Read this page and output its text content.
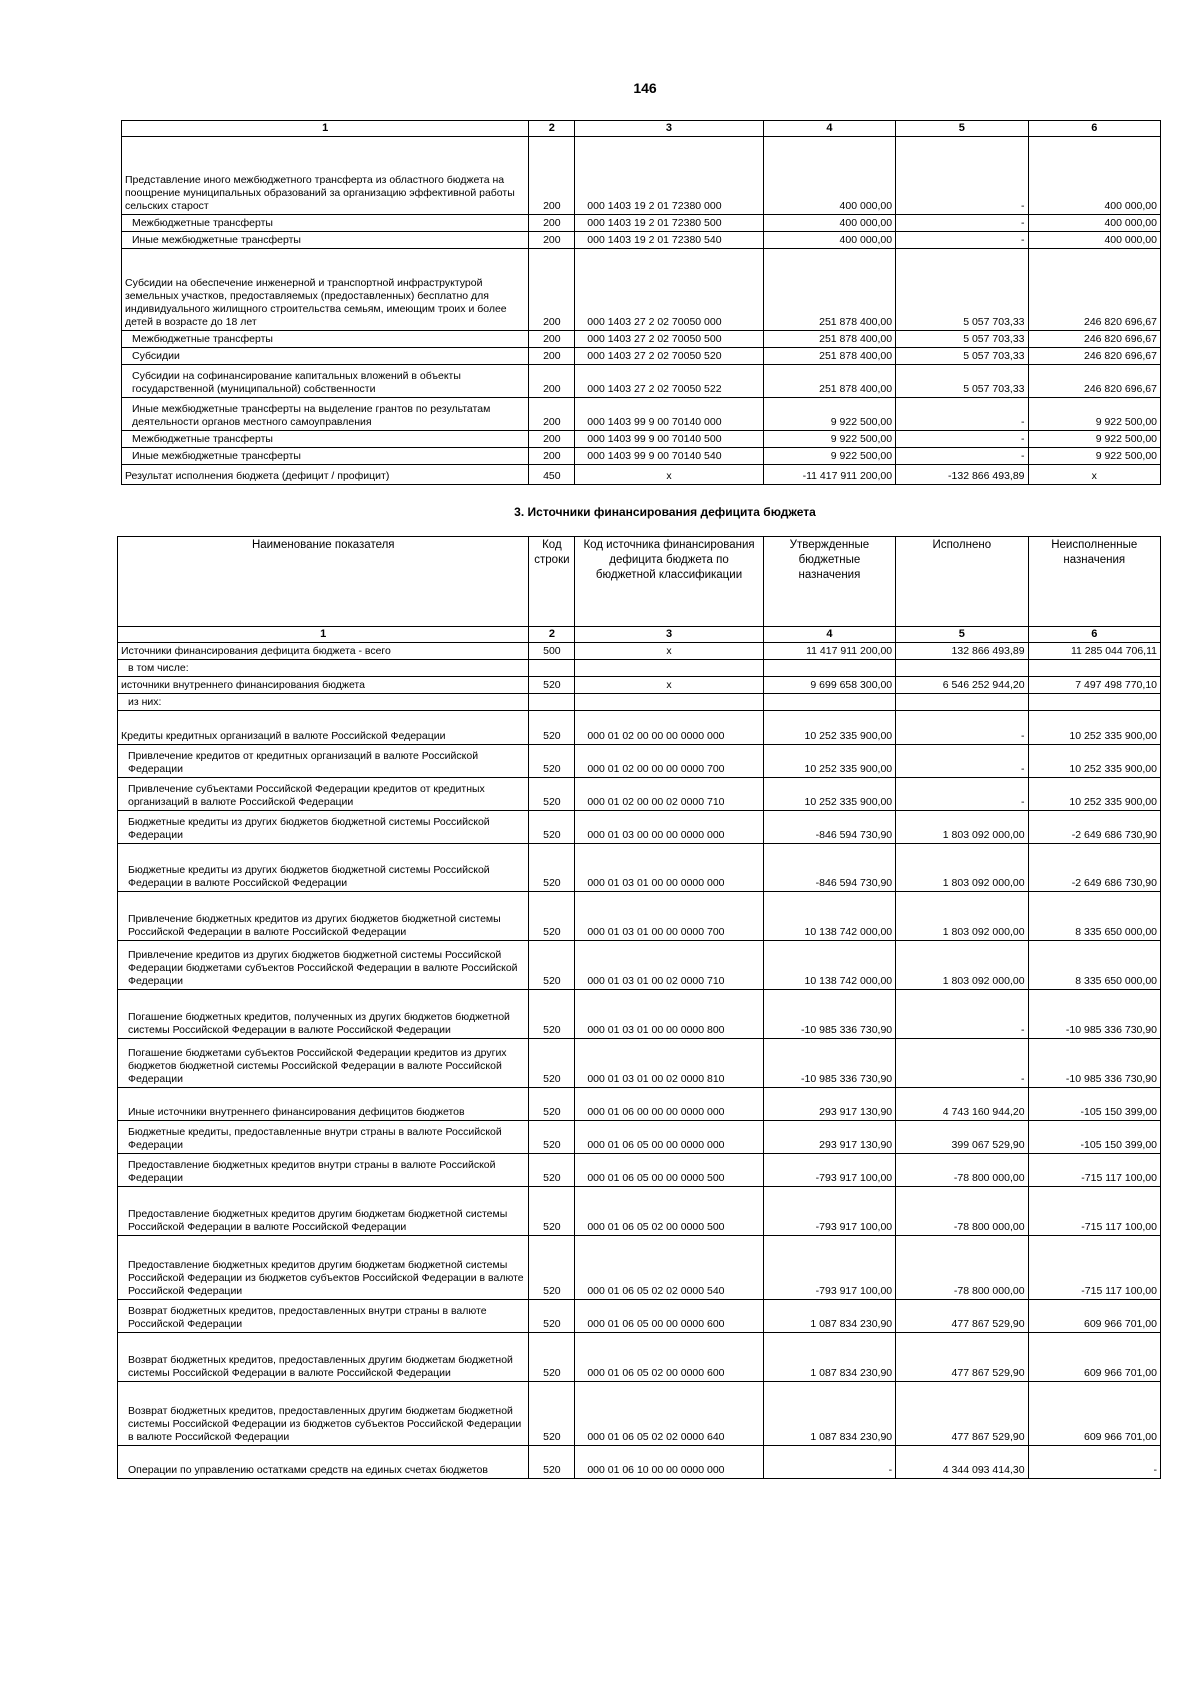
146
1	2	3	4	5	6
Представление иного межбюджетного трансферта из областного бюджета на поощрение муниципальных образований за организацию эффективной работы сельских старост	200	000 1403 19 2 01 72380 000	400 000,00	-	400 000,00
Межбюджетные трансферты	200	000 1403 19 2 01 72380 500	400 000,00	-	400 000,00
Иные межбюджетные трансферты	200	000 1403 19 2 01 72380 540	400 000,00	-	400 000,00
Субсидии на обеспечение инженерной и транспортной инфраструктурой земельных участков, предоставляемых (предоставленных) бесплатно для индивидуального жилищного строительства семьям, имеющим троих и более детей в возрасте до 18 лет	200	000 1403 27 2 02 70050 000	251 878 400,00	5 057 703,33	246 820 696,67
Межбюджетные трансферты	200	000 1403 27 2 02 70050 500	251 878 400,00	5 057 703,33	246 820 696,67
Субсидии	200	000 1403 27 2 02 70050 520	251 878 400,00	5 057 703,33	246 820 696,67
Субсидии на софинансирование капитальных вложений в объекты государственной (муниципальной) собственности	200	000 1403 27 2 02 70050 522	251 878 400,00	5 057 703,33	246 820 696,67
Иные межбюджетные трансферты на выделение грантов по результатам деятельности органов местного самоуправления	200	000 1403 99 9 00 70140 000	9 922 500,00	-	9 922 500,00
Межбюджетные трансферты	200	000 1403 99 9 00 70140 500	9 922 500,00	-	9 922 500,00
Иные межбюджетные трансферты	200	000 1403 99 9 00 70140 540	9 922 500,00	-	9 922 500,00
Результат исполнения бюджета (дефицит / профицит)	450	x	-11 417 911 200,00	-132 866 493,89	x
3. Источники финансирования дефицита бюджета
Наименование показателя	Код строки	Код источника финансирования дефицита бюджета по бюджетной классификации	Утвержденные бюджетные назначения	Исполнено	Неисполненные назначения
1	2	3	4	5	6
Источники финансирования дефицита бюджета - всего	500	x	11 417 911 200,00	132 866 493,89	11 285 044 706,11
в том числе:					
источники внутреннего финансирования бюджета	520	x	9 699 658 300,00	6 546 252 944,20	7 497 498 770,10
из них:					
Кредиты кредитных организаций в валюте Российской Федерации	520	000 01 02 00 00 00 0000 000	10 252 335 900,00	-	10 252 335 900,00
Привлечение кредитов от кредитных организаций в валюте Российской Федерации	520	000 01 02 00 00 00 0000 700	10 252 335 900,00	-	10 252 335 900,00
Привлечение субъектами Российской Федерации кредитов от кредитных организаций в валюте Российской Федерации	520	000 01 02 00 00 02 0000 710	10 252 335 900,00	-	10 252 335 900,00
Бюджетные кредиты из других бюджетов бюджетной системы Российской Федерации	520	000 01 03 00 00 00 0000 000	-846 594 730,90	1 803 092 000,00	-2 649 686 730,90
Бюджетные кредиты из других бюджетов бюджетной системы Российской Федерации в валюте Российской Федерации	520	000 01 03 01 00 00 0000 000	-846 594 730,90	1 803 092 000,00	-2 649 686 730,90
Привлечение бюджетных кредитов из других бюджетов бюджетной системы Российской Федерации в валюте Российской Федерации	520	000 01 03 01 00 00 0000 700	10 138 742 000,00	1 803 092 000,00	8 335 650 000,00
Привлечение кредитов из других бюджетов бюджетной системы Российской Федерации бюджетами субъектов Российской Федерации в валюте Российской Федерации	520	000 01 03 01 00 02 0000 710	10 138 742 000,00	1 803 092 000,00	8 335 650 000,00
Погашение бюджетных кредитов, полученных из других бюджетов бюджетной системы Российской Федерации в валюте Российской Федерации	520	000 01 03 01 00 00 0000 800	-10 985 336 730,90	-	-10 985 336 730,90
Погашение бюджетами субъектов Российской Федерации кредитов из других бюджетов бюджетной системы Российской Федерации в валюте Российской Федерации	520	000 01 03 01 00 02 0000 810	-10 985 336 730,90	-	-10 985 336 730,90
Иные источники внутреннего финансирования дефицитов бюджетов	520	000 01 06 00 00 00 0000 000	293 917 130,90	4 743 160 944,20	-105 150 399,00
Бюджетные кредиты, предоставленные внутри страны в валюте Российской Федерации	520	000 01 06 05 00 00 0000 000	293 917 130,90	399 067 529,90	-105 150 399,00
Предоставление бюджетных кредитов внутри страны в валюте Российской Федерации	520	000 01 06 05 00 00 0000 500	-793 917 100,00	-78 800 000,00	-715 117 100,00
Предоставление бюджетных кредитов другим бюджетам бюджетной системы Российской Федерации в валюте Российской Федерации	520	000 01 06 05 02 00 0000 500	-793 917 100,00	-78 800 000,00	-715 117 100,00
Предоставление бюджетных кредитов другим бюджетам бюджетной системы Российской Федерации из бюджетов субъектов Российской Федерации в валюте Российской Федерации	520	000 01 06 05 02 02 0000 540	-793 917 100,00	-78 800 000,00	-715 117 100,00
Возврат бюджетных кредитов, предоставленных внутри страны в валюте Российской Федерации	520	000 01 06 05 00 00 0000 600	1 087 834 230,90	477 867 529,90	609 966 701,00
Возврат бюджетных кредитов, предоставленных другим бюджетам бюджетной системы Российской Федерации в валюте Российской Федерации	520	000 01 06 05 02 00 0000 600	1 087 834 230,90	477 867 529,90	609 966 701,00
Возврат бюджетных кредитов, предоставленных другим бюджетам бюджетной системы Российской Федерации из бюджетов субъектов Российской Федерации в валюте Российской Федерации	520	000 01 06 05 02 02 0000 640	1 087 834 230,90	477 867 529,90	609 966 701,00
Операции по управлению остатками средств на единых счетах бюджетов	520	000 01 06 10 00 00 0000 000	-	4 344 093 414,30	-
